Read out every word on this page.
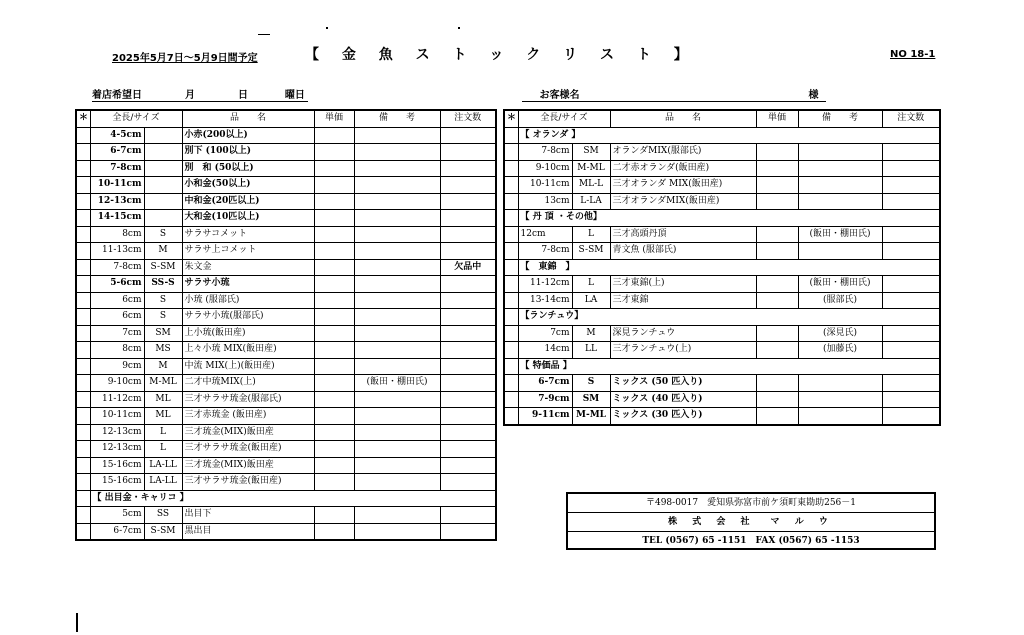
2025年5月7日～5月9日間予定	【 金 魚 ス ト ッ ク リ ス ト 】	NO 18-1
着店希望日	月	日	曜日	お客様名	様
＊	全長/サイズ		品　　名	単価	備　　考	注文数
	4-5cm		小赤(200以上)			
	6-7cm		別下 (100以上)			
	7-8cm		別　和 (50以上)			
	10-11cm		小和金(50以上)			
	12-13cm		中和金(20匹以上)			
	14-15cm		大和金(10匹以上)			
	8cm	S	サラサコメット			
	11-13cm	M	サラサ上コメット			
	7-8cm	S-SM	朱文金			欠品中
	5-6cm	SS-S	サラサ小琉			
	6cm	S	小琉 (服部氏)			
	6cm	S	サラサ小琉(服部氏)			
	7cm	SM	上小琉(飯田産)			
	8cm	MS	上々小琉 MIX(飯田産)			
	9cm	M	中流 MIX(上)(飯田産)			
	9-10cm	M-ML	二才中琉MIX(上)		(飯田・棚田氏)	
	11-12cm	ML	三才サラサ琉金(服部氏)			
	10-11cm	ML	三才赤琉金 (飯田産)			
	12-13cm	L	三才琉金(MIX)飯田産			
	12-13cm	L	三才サラサ琉金(飯田産)			
	15-16cm	LA-LL	三才琉金(MIX)飯田産			
	15-16cm	LA-LL	三才サラサ琉金(飯田産)			
	【 出目金・キャリコ 】					
	5cm	SS	出目下			
	6-7cm	S-SM	黒出目			
＊	全長/サイズ		品　　名	単価	備　　考	注文数
	【 オランダ 】					
	7-8cm	SM	オランダMIX(服部氏)			
	9-10cm	M-ML	二才赤オランダ(飯田産)			
	10-11cm	ML-L	三才オランダ MIX(飯田産)			
	13cm	L-LA	三才オランダMIX(飯田産)			
	【 丹 頂 ・その他】					
	12cm	L	三才高頭丹頂		(飯田・棚田氏)	
	7-8cm	S-SM	青文魚 (服部氏)			
	【　東錦　】					
	11-12cm	L	三才東錦(上)		(飯田・棚田氏)	
	13-14cm	LA	三才東錦		(服部氏)	
	【ランチュウ】					
	7cm	M	深見ランチュウ		(深見氏)	
	14cm	LL	三才ランチュウ(上)		(加藤氏)	
	【 特価品 】					
	6-7cm	S	ミックス (50 匹入り)			
	7-9cm	SM	ミックス (40 匹入り)			
	9-11cm	M-ML	ミックス (30 匹入り)			
〒498-0017　愛知県弥富市前ケ須町東勘助256－1
株 式 会 社　マ ル ウ
TEL (0567) 65 -1151　FAX (0567) 65 -1153
